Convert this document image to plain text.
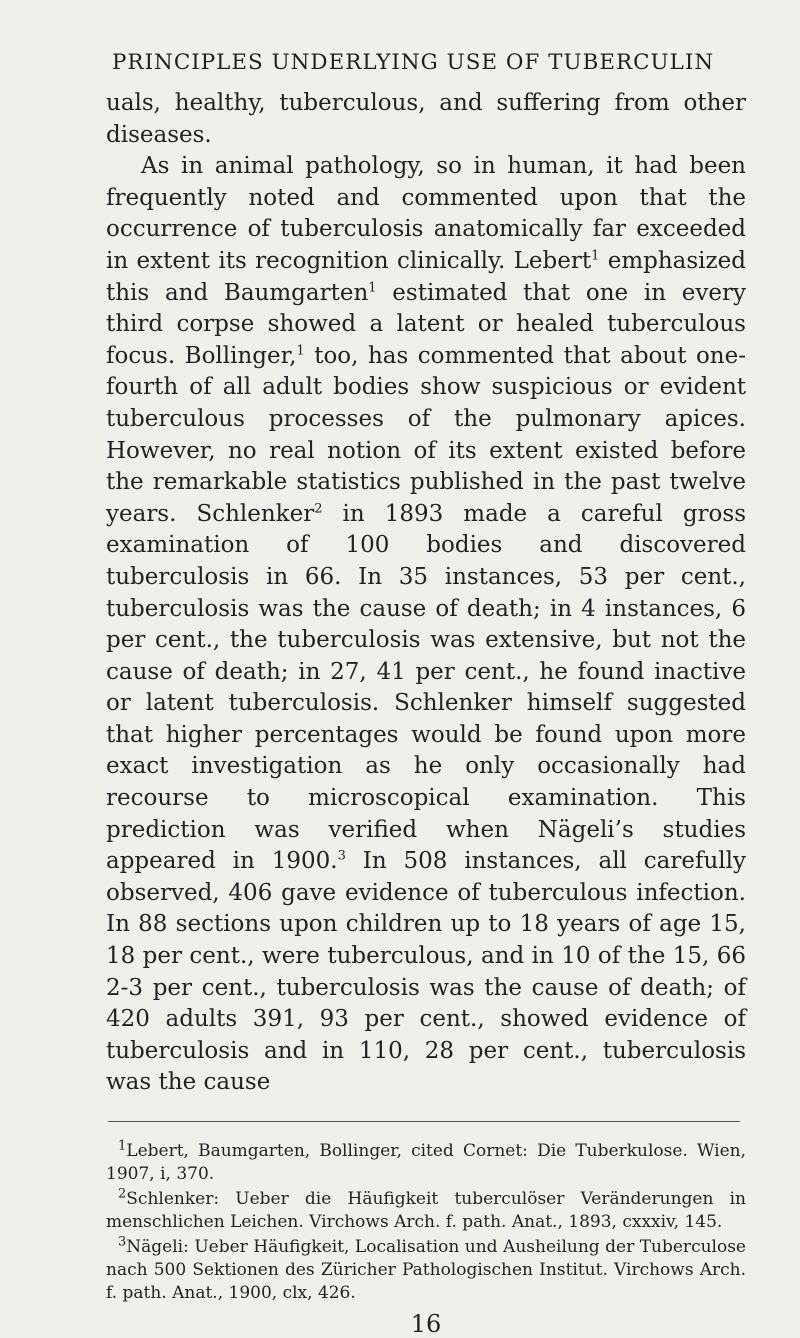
PRINCIPLES UNDERLYING USE OF TUBERCULIN

uals, healthy, tuberculous, and suffering from other diseases.

As in animal pathology, so in human, it had been frequently noted and commented upon that the occurrence of tuberculosis anatomically far exceeded in extent its recognition clinically. Lebert$^1$ emphasized this and Baumgarten$^1$ estimated that one in every third corpse showed a latent or healed tuberculous focus. Bollinger,$^1$ too, has commented that about one-fourth of all adult bodies show suspicious or evident tuberculous processes of the pulmonary apices. However, no real notion of its extent existed before the remarkable statistics published in the past twelve years. Schlenker$^2$ in 1893 made a careful gross examination of 100 bodies and discovered tuberculosis in 66. In 35 instances, 53 per cent., tuberculosis was the cause of death; in 4 instances, 6 per cent., the tuberculosis was extensive, but not the cause of death; in 27, 41 per cent., he found inactive or latent tuberculosis. Schlenker himself suggested that higher percentages would be found upon more exact investigation as he only occasionally had recourse to microscopical examination. This prediction was verified when Nägeli’s studies appeared in 1900.$^3$ In 508 instances, all carefully observed, 406 gave evidence of tuberculous infection. In 88 sections upon children up to 18 years of age 15, 18 per cent., were tuberculous, and in 10 of the 15, 66 2-3 per cent., tuberculosis was the cause of death; of 420 adults 391, 93 per cent., showed evidence of tuberculosis and in 110, 28 per cent., tuberculosis was the cause

$^1$Lebert, Baumgarten, Bollinger, cited Cornet: Die Tuberkulose. Wien, 1907, i, 370.

$^2$Schlenker: Ueber die Häufigkeit tuberculöser Veränderungen in menschlichen Leichen. Virchows Arch. f. path. Anat., 1893, cxxxiv, 145.

$^3$Nägeli: Ueber Häufigkeit, Localisation und Ausheilung der Tuberculose nach 500 Sektionen des Züricher Pathologischen Institut. Virchows Arch. f. path. Anat., 1900, clx, 426.

16
